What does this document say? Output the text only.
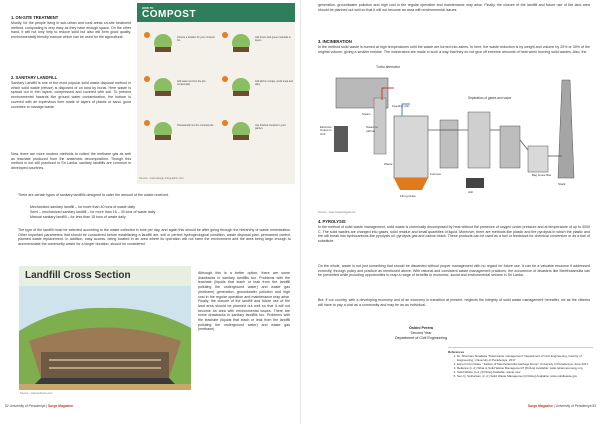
1. ON-SITE TREATMENT
Mostly, for the people living in sub-urban and rural areas on-site treatment method, composting is very easy as they have enough space. On the other hand, it will not only help to reduce solid but also will form good quality, environmentally friendly manure which can be used for the agricultural.
2. SANITARY LANDFILL
Sanitary Landfill is one of the most popular solid waste disposal method in which solid waste (refuse) is disposed of on land by burial. Here waste is spread out in thin layers, compressed and covered with soil. To prevent environmental hazards like ground water contamination, the bottom is covered with an impervious liner made of layers of plastic or sand, good countries to manage waste.
Now, there are more modern methods to collect the methane gas as well as leachate produced from the anaerobic decomposition. Though this method is not still practiced in Sri Lanka, sanitary landfills are common in developed countries.
HOW TO
COMPOST
Choose a location for your compost bin.
Add brown and green materials in layers.
Add water and turn the pile occasionally.
Add kitchen scraps, avoid meat and dairy.
Occasionally turn the compost pile.	Use finished compost in your garden.
Source : www.design.infographic.com
There are certain types of sanitary landfills designed to cater the amount of the waste received.
Mechanized sanitary landfill – for more than 40 tons of waste daily
Semi – mechanized sanitary landfill – for more than 16 – 40 tons of waste daily
Manual sanitary landfill – for less than 15 tons of waste daily
The type of the landfill must be selected according to the waste collected in tons per day, and again this should be after going through the hierarchy of waste minimization. Other important parameters that should be considered before establishing a landfill are, soil or perfect hydrogeological condition, waste disposal plan, permanent control, planned waste replacement. In addition, easy access, being located in an area where its operation will not harm the environment and the area being large enough to accommodate the community waste for a longer duration, should be considered.
Landfill Cross Section
Source : www.scheme.com
Although this is a better option, there are some drawbacks in sanitary landfills too. Problems with the leachate (liquids that leach or leak from the landfill polluting the underground water) and waste gas (methane) generation, groundwater pollution and high cost in the regular operation and maintenance may arise. Finally, the closure of the landfill and future use of the land area should be planned out well so that it will not become an area with environmental issues. There are some drawbacks in sanitary landfills too. Problems with the leachate (liquids that leach or leak from the landfill polluting the underground water) and waste gas (methane)
52 University of Peradeniya | Surge Magazine
generation, groundwater pollution and high cost in the regular operation and maintenance may arise. Finally, the closure of the landfill and future use of the land area should be planned out well so that it will not become an area with environmental issues.
3. INCINERATION
In the method solid waste is burned at high temperatures until the waste are turned into ashes. In here, the waste reduction is by weight and volume by 20% or 30% of the original volume, giving a smaller residue. The incinerators are made in such a way that they do not give off extreme amounts of heat when burning solid wastes. Also, the
Turbo alternator
Steam
Electrical Output to Grid
Steam to turbine
Feeding Unit
Waste
Furnace
Separation of gases and vapor
Stack
Ash
Bag house filter
Firing Grate
Source : www.researchgate.net
4. PYROLYSIS
In the method of solid waste management, solid waste is chemically decomposed by heat without the presence of oxygen under pressure and at temperature of up to 4000 C. The solid wastes are changed into gases, solid residue and small quantities of liquid. Moreover, there are methods like plastic and tire pyrolysis in which the plastic and tire will break into hydrocarbons like pyrolysis oil, pyrolysis gas and carbon black. These products can be used as a fuel or feedstock for chemical conversion or as a fuel of substitute.
On the whole, waste is not just something that should be discarded without proper management with no regard for future use. It can be a valuable resource if addressed correctly, through policy and practice as mentioned above. With rational and consistent waste management practices, the occurrence of disasters like Meethotamulla can be prevented while providing opportunities to reap a range of benefits in economic, social and environmental sectors in Sri Lanka.
But, if our country, with a developing economy and of an economy in transition at present, neglects the integrity of solid waste management hereafter, we as the citizens will have to pay a cost as a community and may be as an individual.
Oshini Perera
Second Year
Department of Civil Engineering
References
1. Dr. Sharman Sivadasa "Solid waste management" Department of Civil Engineering, Faculty of Engineering, University of Peradeniya, 2017
2. Expert Committee " Failure of Meethotamulla Garbage Dump" University of Peradeniya, June 2017
3. Reliance (n.d.) What is Solid Waste Management? [Online] Available: www.reliancerenergy.org
4. Solid Waste (n.d.) [Online] Available: waste.nsw
5. Sen Q. Sutharsan. (n.d.) Solid Waste Management [Online] Available: www.solidwaste.gov
Surge Magazine | University of Peradeniya 53
